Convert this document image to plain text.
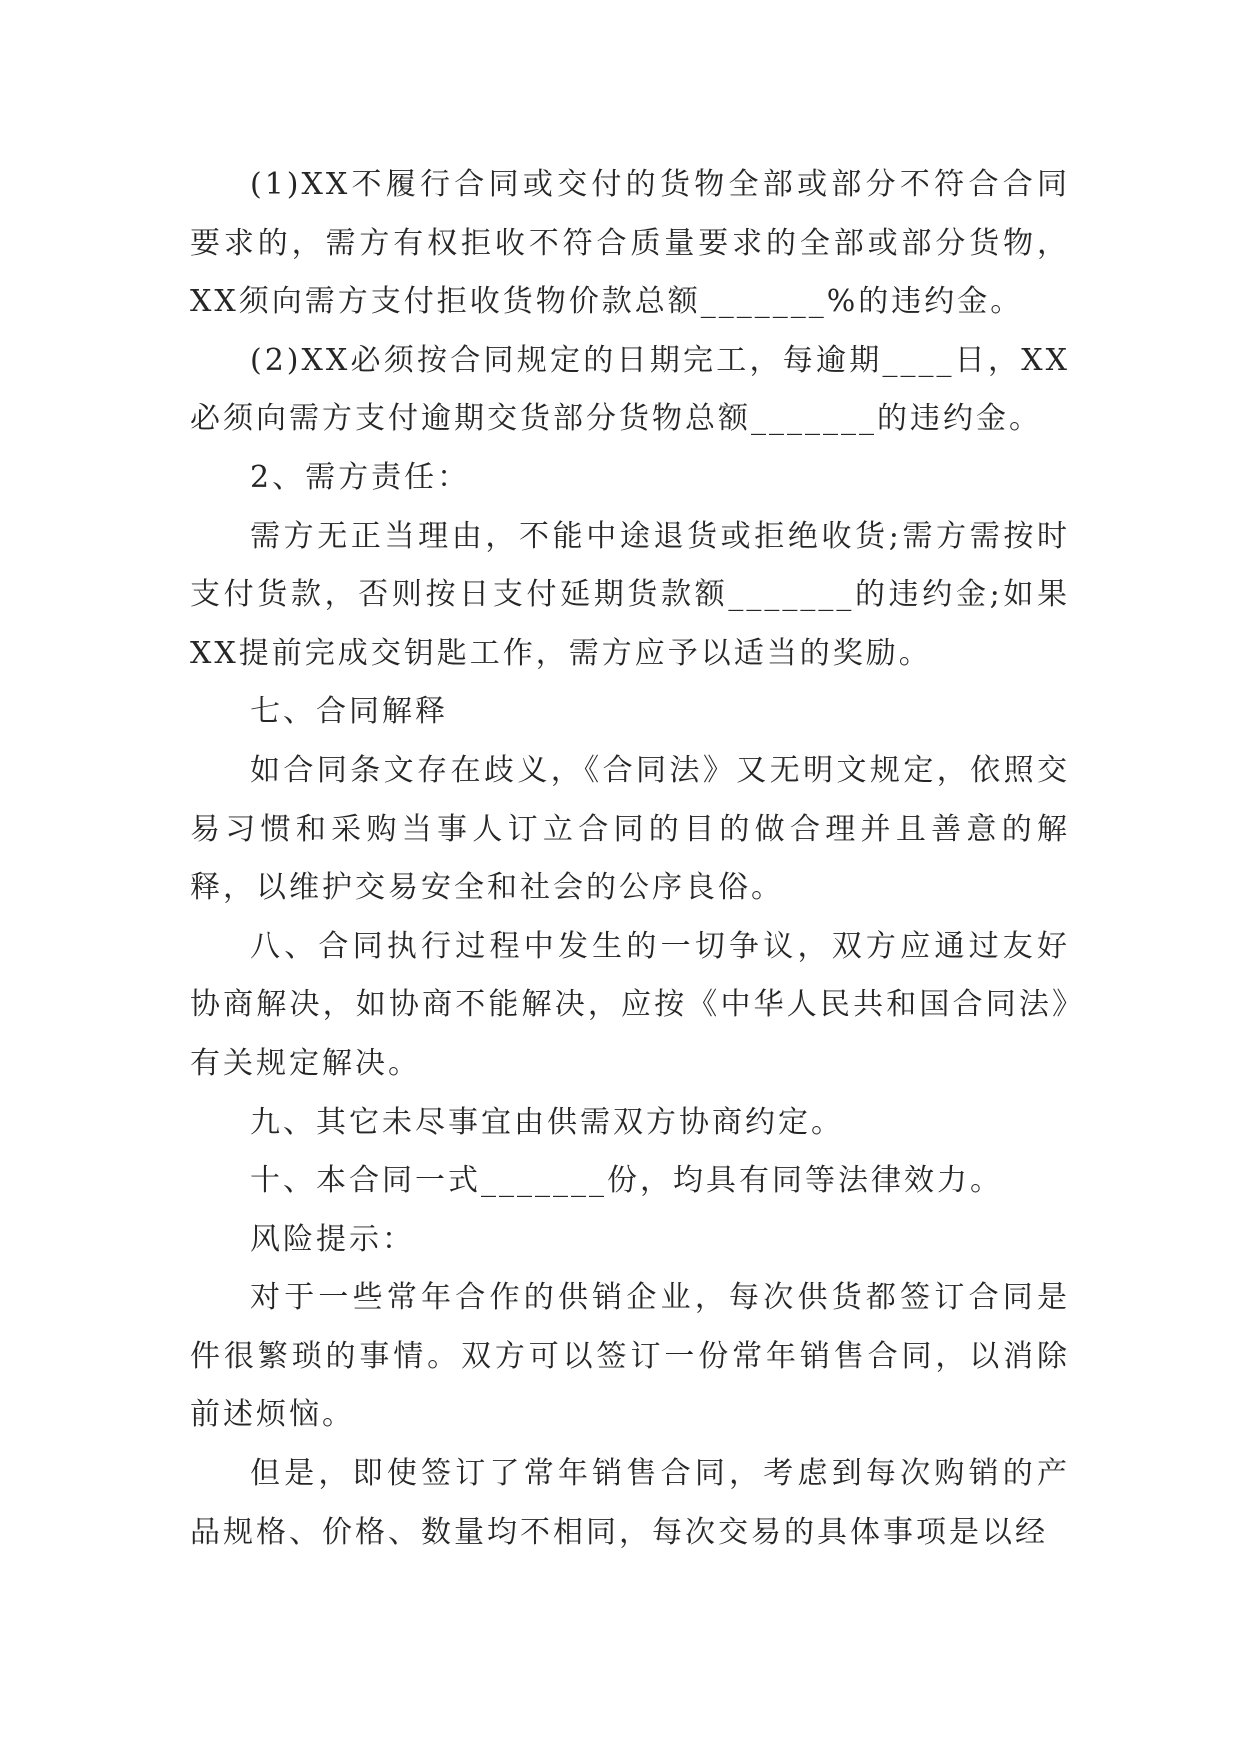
(1)XX不履行合同或交付的货物全部或部分不符合合同要求的，需方有权拒收不符合质量要求的全部或部分货物，XX须向需方支付拒收货物价款总额_______%的违约金。

(2)XX必须按合同规定的日期完工，每逾期____日，XX必须向需方支付逾期交货部分货物总额_______的违约金。

2、需方责任：

需方无正当理由，不能中途退货或拒绝收货;需方需按时支付货款，否则按日支付延期货款额_______的违约金;如果XX提前完成交钥匙工作，需方应予以适当的奖励。

七、合同解释

如合同条文存在歧义，《合同法》又无明文规定，依照交易习惯和采购当事人订立合同的目的做合理并且善意的解释，以维护交易安全和社会的公序良俗。

八、合同执行过程中发生的一切争议，双方应通过友好协商解决，如协商不能解决，应按《中华人民共和国合同法》有关规定解决。

九、其它未尽事宜由供需双方协商约定。

十、本合同一式_______份，均具有同等法律效力。

风险提示：

对于一些常年合作的供销企业，每次供货都签订合同是件很繁琐的事情。双方可以签订一份常年销售合同，以消除前述烦恼。

但是，即使签订了常年销售合同，考虑到每次购销的产品规格、价格、数量均不相同，每次交易的具体事项是以经
